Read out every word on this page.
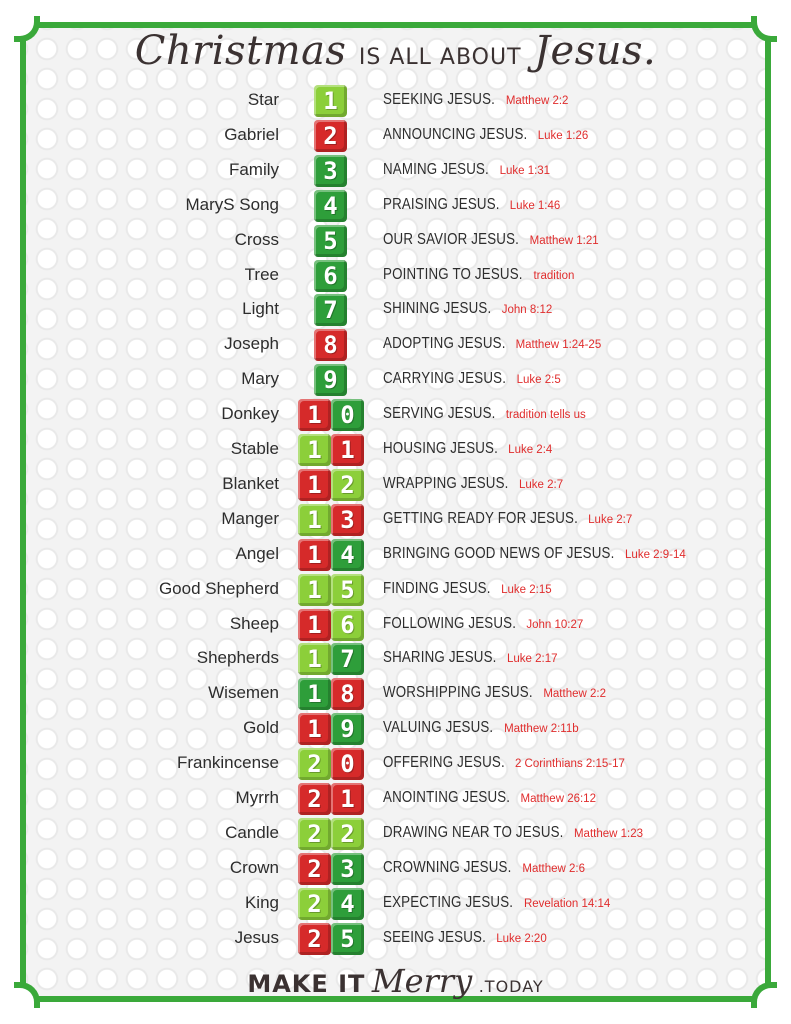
Christmas IS ALL ABOUT Jesus.
Star	1	SEEKING JESUS. Matthew 2:2
Gabriel	2	ANNOUNCING JESUS. Luke 1:26
Family	3	NAMING JESUS. Luke 1:31
MaryS Song	4	PRAISING JESUS. Luke 1:46
Cross	5	OUR SAVIOR JESUS. Matthew 1:21
Tree	6	POINTING TO JESUS. tradition
Light	7	SHINING JESUS. John 8:12
Joseph	8	ADOPTING JESUS. Matthew 1:24-25
Mary	9	CARRYING JESUS. Luke 2:5
Donkey	1 0	SERVING JESUS. tradition tells us
Stable	1 1	HOUSING JESUS. Luke 2:4
Blanket	1 2	WRAPPING JESUS. Luke 2:7
Manger	1 3	GETTING READY FOR JESUS. Luke 2:7
Angel	1 4	BRINGING GOOD NEWS OF JESUS. Luke 2:9-14
Good Shepherd	1 5	FINDING JESUS. Luke 2:15
Sheep	1 6	FOLLOWING JESUS. John 10:27
Shepherds	1 7	SHARING JESUS. Luke 2:17
Wisemen	1 8	WORSHIPPING JESUS. Matthew 2:2
Gold	1 9	VALUING JESUS. Matthew 2:11b
Frankincense	2 0	OFFERING JESUS. 2 Corinthians 2:15-17
Myrrh	2 1	ANOINTING JESUS. Matthew 26:12
Candle	2 2	DRAWING NEAR TO JESUS. Matthew 1:23
Crown	2 3	CROWNING JESUS. Matthew 2:6
King	2 4	EXPECTING JESUS. Revelation 14:14
Jesus	2 5	SEEING JESUS. Luke 2:20
MAKE IT Merry .TODAY
